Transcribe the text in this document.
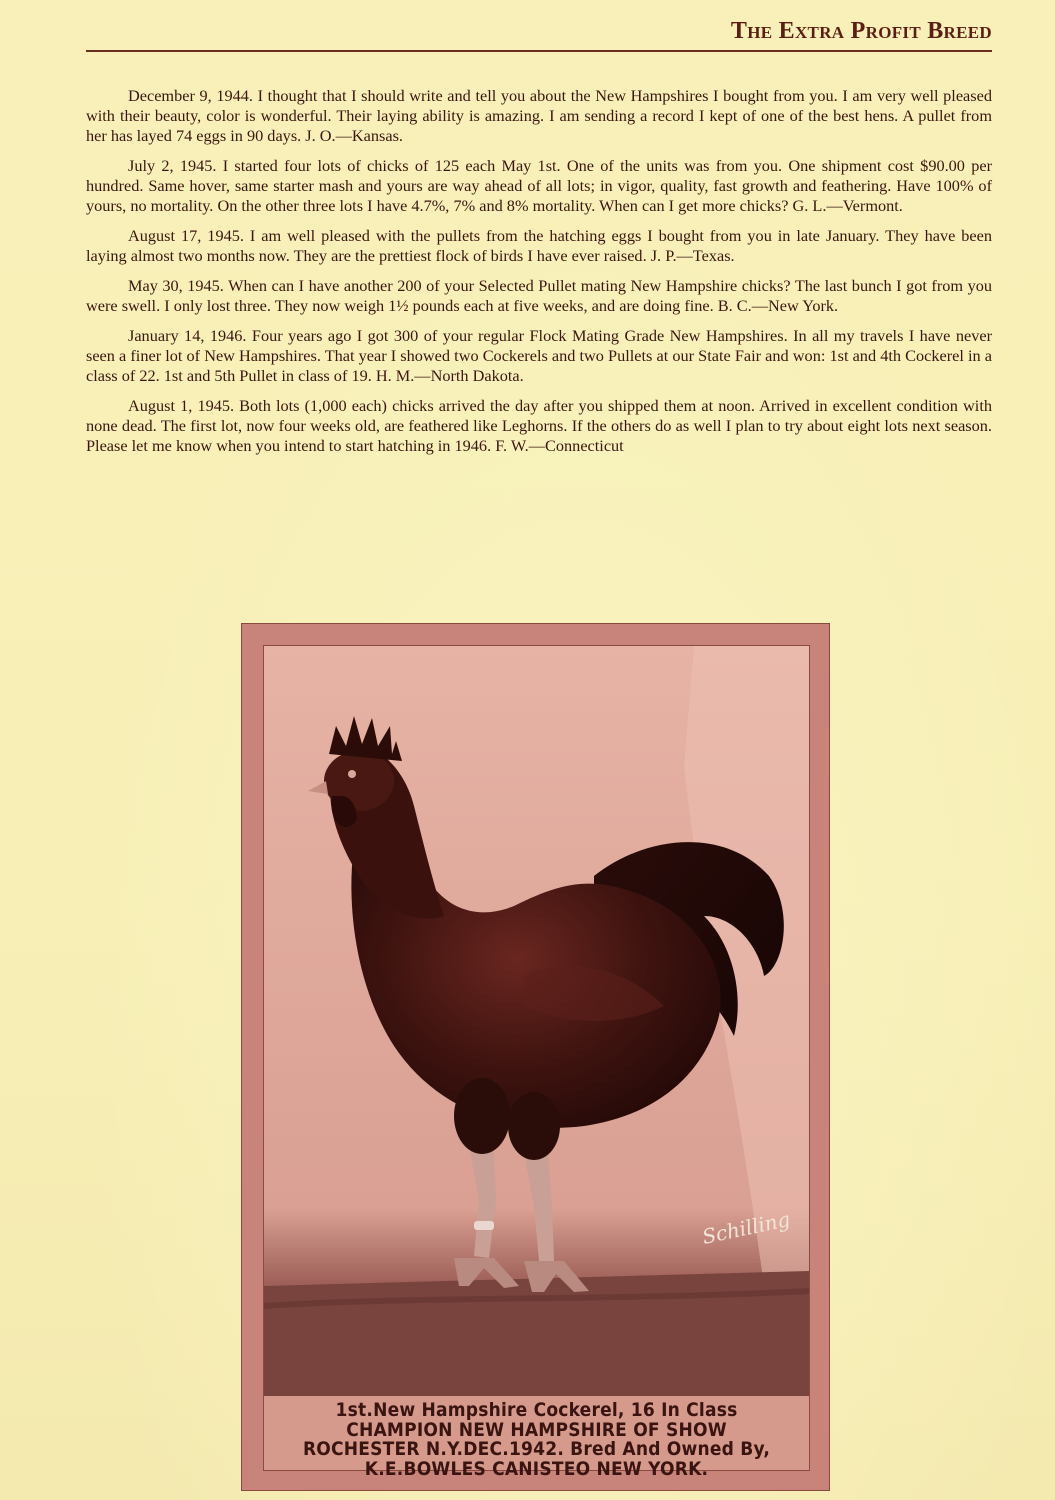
The Extra Profit Breed

December 9, 1944. I thought that I should write and tell you about the New Hampshires I bought from you. I am very well pleased with their beauty, color is wonderful. Their laying ability is amazing. I am sending a record I kept of one of the best hens. A pullet from her has layed 74 eggs in 90 days. J. O.—Kansas.

July 2, 1945. I started four lots of chicks of 125 each May 1st. One of the units was from you. One shipment cost $90.00 per hundred. Same hover, same starter mash and yours are way ahead of all lots; in vigor, quality, fast growth and feathering. Have 100% of yours, no mortality. On the other three lots I have 4.7%, 7% and 8% mortality. When can I get more chicks? G. L.—Vermont.

August 17, 1945. I am well pleased with the pullets from the hatching eggs I bought from you in late January. They have been laying almost two months now. They are the prettiest flock of birds I have ever raised. J. P.—Texas.

May 30, 1945. When can I have another 200 of your Selected Pullet mating New Hampshire chicks? The last bunch I got from you were swell. I only lost three. They now weigh 1½ pounds each at five weeks, and are doing fine. B. C.—New York.

January 14, 1946. Four years ago I got 300 of your regular Flock Mating Grade New Hampshires. In all my travels I have never seen a finer lot of New Hampshires. That year I showed two Cockerels and two Pullets at our State Fair and won: 1st and 4th Cockerel in a class of 22. 1st and 5th Pullet in class of 19. H. M.—North Dakota.

August 1, 1945. Both lots (1,000 each) chicks arrived the day after you shipped them at noon. Arrived in excellent condition with none dead. The first lot, now four weeks old, are feathered like Leghorns. If the others do as well I plan to try about eight lots next season. Please let me know when you intend to start hatching in 1946. F. W.—Connecticut

Schilling
1st.New Hampshire Cockerel, 16 In Class
CHAMPION NEW HAMPSHIRE OF SHOW
ROCHESTER N.Y.DEC.1942. Bred And Owned By,
K.E.BOWLES CANISTEO NEW YORK.
